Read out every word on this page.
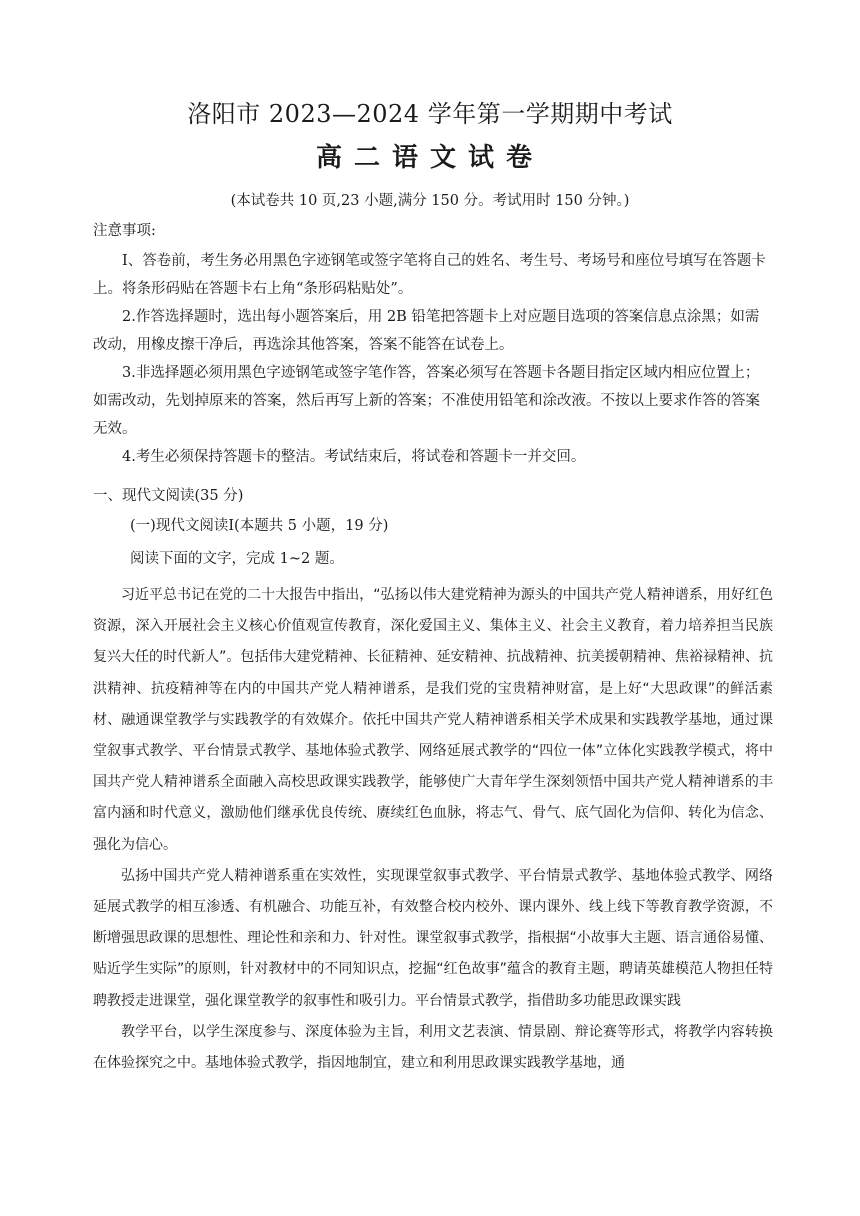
洛阳市 2023—2024 学年第一学期期中考试
高二语文试卷
(本试卷共 10 页,23 小题,满分 150 分。考试用时 150 分钟。)
注意事项:

Ⅰ、答卷前，考生务必用黑色字迹钢笔或签字笔将自己的姓名、考生号、考场号和座位号填写在答题卡上。将条形码贴在答题卡右上角“条形码粘贴处”。

2.作答选择题时，选出每小题答案后，用 2B 铅笔把答题卡上对应题目选项的答案信息点涂黑；如需改动，用橡皮擦干净后，再选涂其他答案，答案不能答在试卷上。

3.非选择题必须用黑色字迹钢笔或签字笔作答，答案必须写在答题卡各题目指定区域内相应位置上；如需改动，先划掉原来的答案，然后再写上新的答案；不准使用铅笔和涂改液。不按以上要求作答的答案无效。

4.考生必须保持答题卡的整洁。考试结束后，将试卷和答题卡一并交回。

一、现代文阅读(35 分)
(一)现代文阅读Ⅰ(本题共 5 小题，19 分)
阅读下面的文字，完成 1~2 题。

习近平总书记在党的二十大报告中指出，“弘扬以伟大建党精神为源头的中国共产党人精神谱系，用好红色资源，深入开展社会主义核心价值观宣传教育，深化爱国主义、集体主义、社会主义教育，着力培养担当民族复兴大任的时代新人”。包括伟大建党精神、长征精神、延安精神、抗战精神、抗美援朝精神、焦裕禄精神、抗洪精神、抗疫精神等在内的中国共产党人精神谱系，是我们党的宝贵精神财富，是上好“大思政课”的鲜活素材、融通课堂教学与实践教学的有效媒介。依托中国共产党人精神谱系相关学术成果和实践教学基地，通过课堂叙事式教学、平台情景式教学、基地体验式教学、网络延展式教学的“四位一体”立体化实践教学模式，将中国共产党人精神谱系全面融入高校思政课实践教学，能够使广大青年学生深刻领悟中国共产党人精神谱系的丰富内涵和时代意义，激励他们继承优良传统、赓续红色血脉，将志气、骨气、底气固化为信仰、转化为信念、强化为信心。

弘扬中国共产党人精神谱系重在实效性，实现课堂叙事式教学、平台情景式教学、基地体验式教学、网络延展式教学的相互渗透、有机融合、功能互补，有效整合校内校外、课内课外、线上线下等教育教学资源，不断增强思政课的思想性、理论性和亲和力、针对性。课堂叙事式教学，指根据“小故事大主题、语言通俗易懂、贴近学生实际”的原则，针对教材中的不同知识点，挖掘“红色故事”蕴含的教育主题，聘请英雄模范人物担任特聘教授走进课堂，强化课堂教学的叙事性和吸引力。平台情景式教学，指借助多功能思政课实践

教学平台，以学生深度参与、深度体验为主旨，利用文艺表演、情景剧、辩论赛等形式，将教学内容转换在体验探究之中。基地体验式教学，指因地制宜，建立和利用思政课实践教学基地，通
